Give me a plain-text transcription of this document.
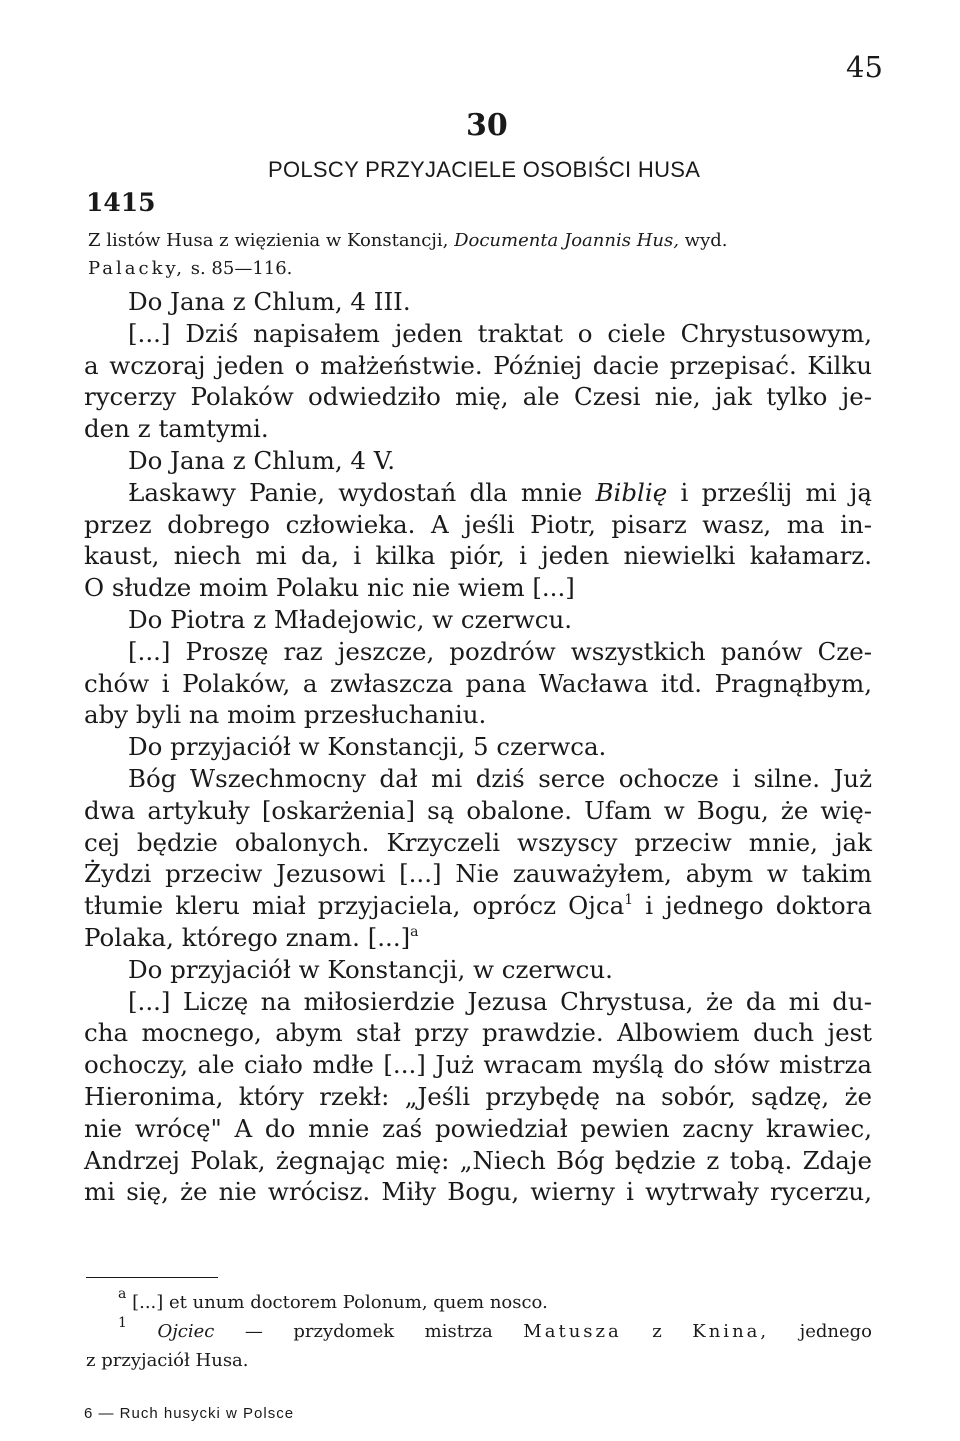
45
30
POLSCY PRZYJACIELE OSOBIŚCI HUSA
1415
Z listów Husa z więzienia w Konstancji, Documenta Joannis Hus, wyd.
Palacky, s. 85—116.
Do Jana z Chlum, 4 III.
[...] Dziś napisałem jeden traktat o ciele Chrystusowym,
a wczoraj jeden o małżeństwie. Później dacie przepisać. Kilku
rycerzy Polaków odwiedziło mię, ale Czesi nie, jak tylko je-
den z tamtymi.
Do Jana z Chlum, 4 V.
Łaskawy Panie, wydostań dla mnie Biblię i prześlij mi ją
przez dobrego człowieka. A jeśli Piotr, pisarz wasz, ma in-
kaust, niech mi da, i kilka piór, i jeden niewielki kałamarz.
O słudze moim Polaku nic nie wiem [...]
Do Piotra z Mładejowic, w czerwcu.
[...] Proszę raz jeszcze, pozdrów wszystkich panów Cze-
chów i Polaków, a zwłaszcza pana Wacława itd. Pragnąłbym,
aby byli na moim przesłuchaniu.
Do przyjaciół w Konstancji, 5 czerwca.
Bóg Wszechmocny dał mi dziś serce ochocze i silne. Już
dwa artykuły [oskarżenia] są obalone. Ufam w Bogu, że wię-
cej będzie obalonych. Krzyczeli wszyscy przeciw mnie, jak
Żydzi przeciw Jezusowi [...] Nie zauważyłem, abym w takim
tłumie kleru miał przyjaciela, oprócz Ojca$^1$ i jednego doktora
Polaka, którego znam. [...]$^a$
Do przyjaciół w Konstancji, w czerwcu.
[...] Liczę na miłosierdzie Jezusa Chrystusa, że da mi du-
cha mocnego, abym stał przy prawdzie. Albowiem duch jest
ochoczy, ale ciało mdłe [...] Już wracam myślą do słów mistrza
Hieronima, który rzekł: „Jeśli przybędę na sobór, sądzę, że
nie wrócę" A do mnie zaś powiedział pewien zacny krawiec,
Andrzej Polak, żegnając mię: „Niech Bóg będzie z tobą. Zdaje
mi się, że nie wrócisz. Miły Bogu, wierny i wytrwały rycerzu,
$^a$ [...] et unum doctorem Polonum, quem nosco.
$^1$ Ojciec — przydomek mistrza Matusza z Knina, jednego
z przyjaciół Husa.
6 — Ruch husycki w Polsce
